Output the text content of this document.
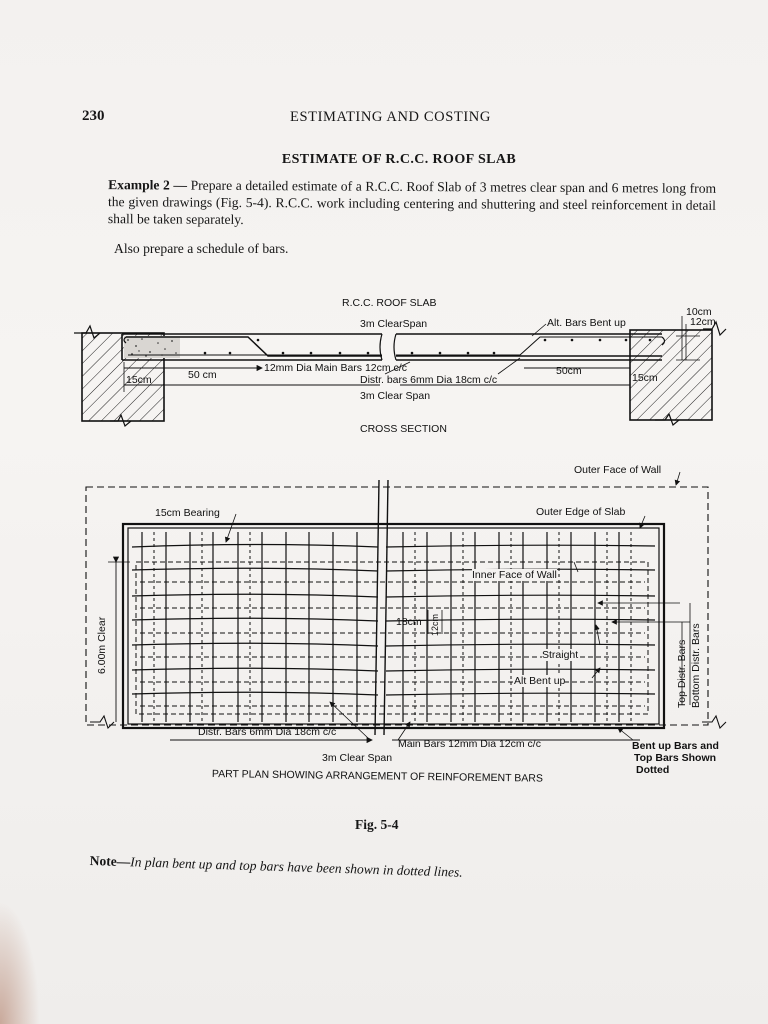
230	ESTIMATING AND COSTING
ESTIMATE OF R.C.C. ROOF SLAB
Example 2 — Prepare a detailed estimate of a R.C.C. Roof Slab of 3 metres clear span and 6 metres long from the given drawings (Fig. 5-4). R.C.C. work including centering and shuttering and steel reinforcement in detail shall be taken separately.
Also prepare a schedule of bars.
R.C.C. ROOF SLAB
3m ClearSpan	Alt. Bars Bent up
10cm
12cm
12mm Dia Main Bars 12cm c/c
50 cm	Distr. bars 6mm Dia 18cm c/c
50cm
15cm	15cm
3m Clear Span
CROSS SECTION
Outer Face of Wall
15cm Bearing	Outer Edge of Slab
Inner Face of Wall
18cm 12cm
Straight
Alt Bent up
6.00m Clear	Top Distr. Bars Bottom Distr. Bars
Distr. Bars 6mm Dia 18cm c/c
Main Bars 12mm Dia 12cm c/c
3m Clear Span
Bent up Bars and
Top Bars Shown
Dotted
PART PLAN SHOWING ARRANGEMENT OF REINFOREMENT BARS
Fig. 5-4
Note—In plan bent up and top bars have been shown in dotted lines.
